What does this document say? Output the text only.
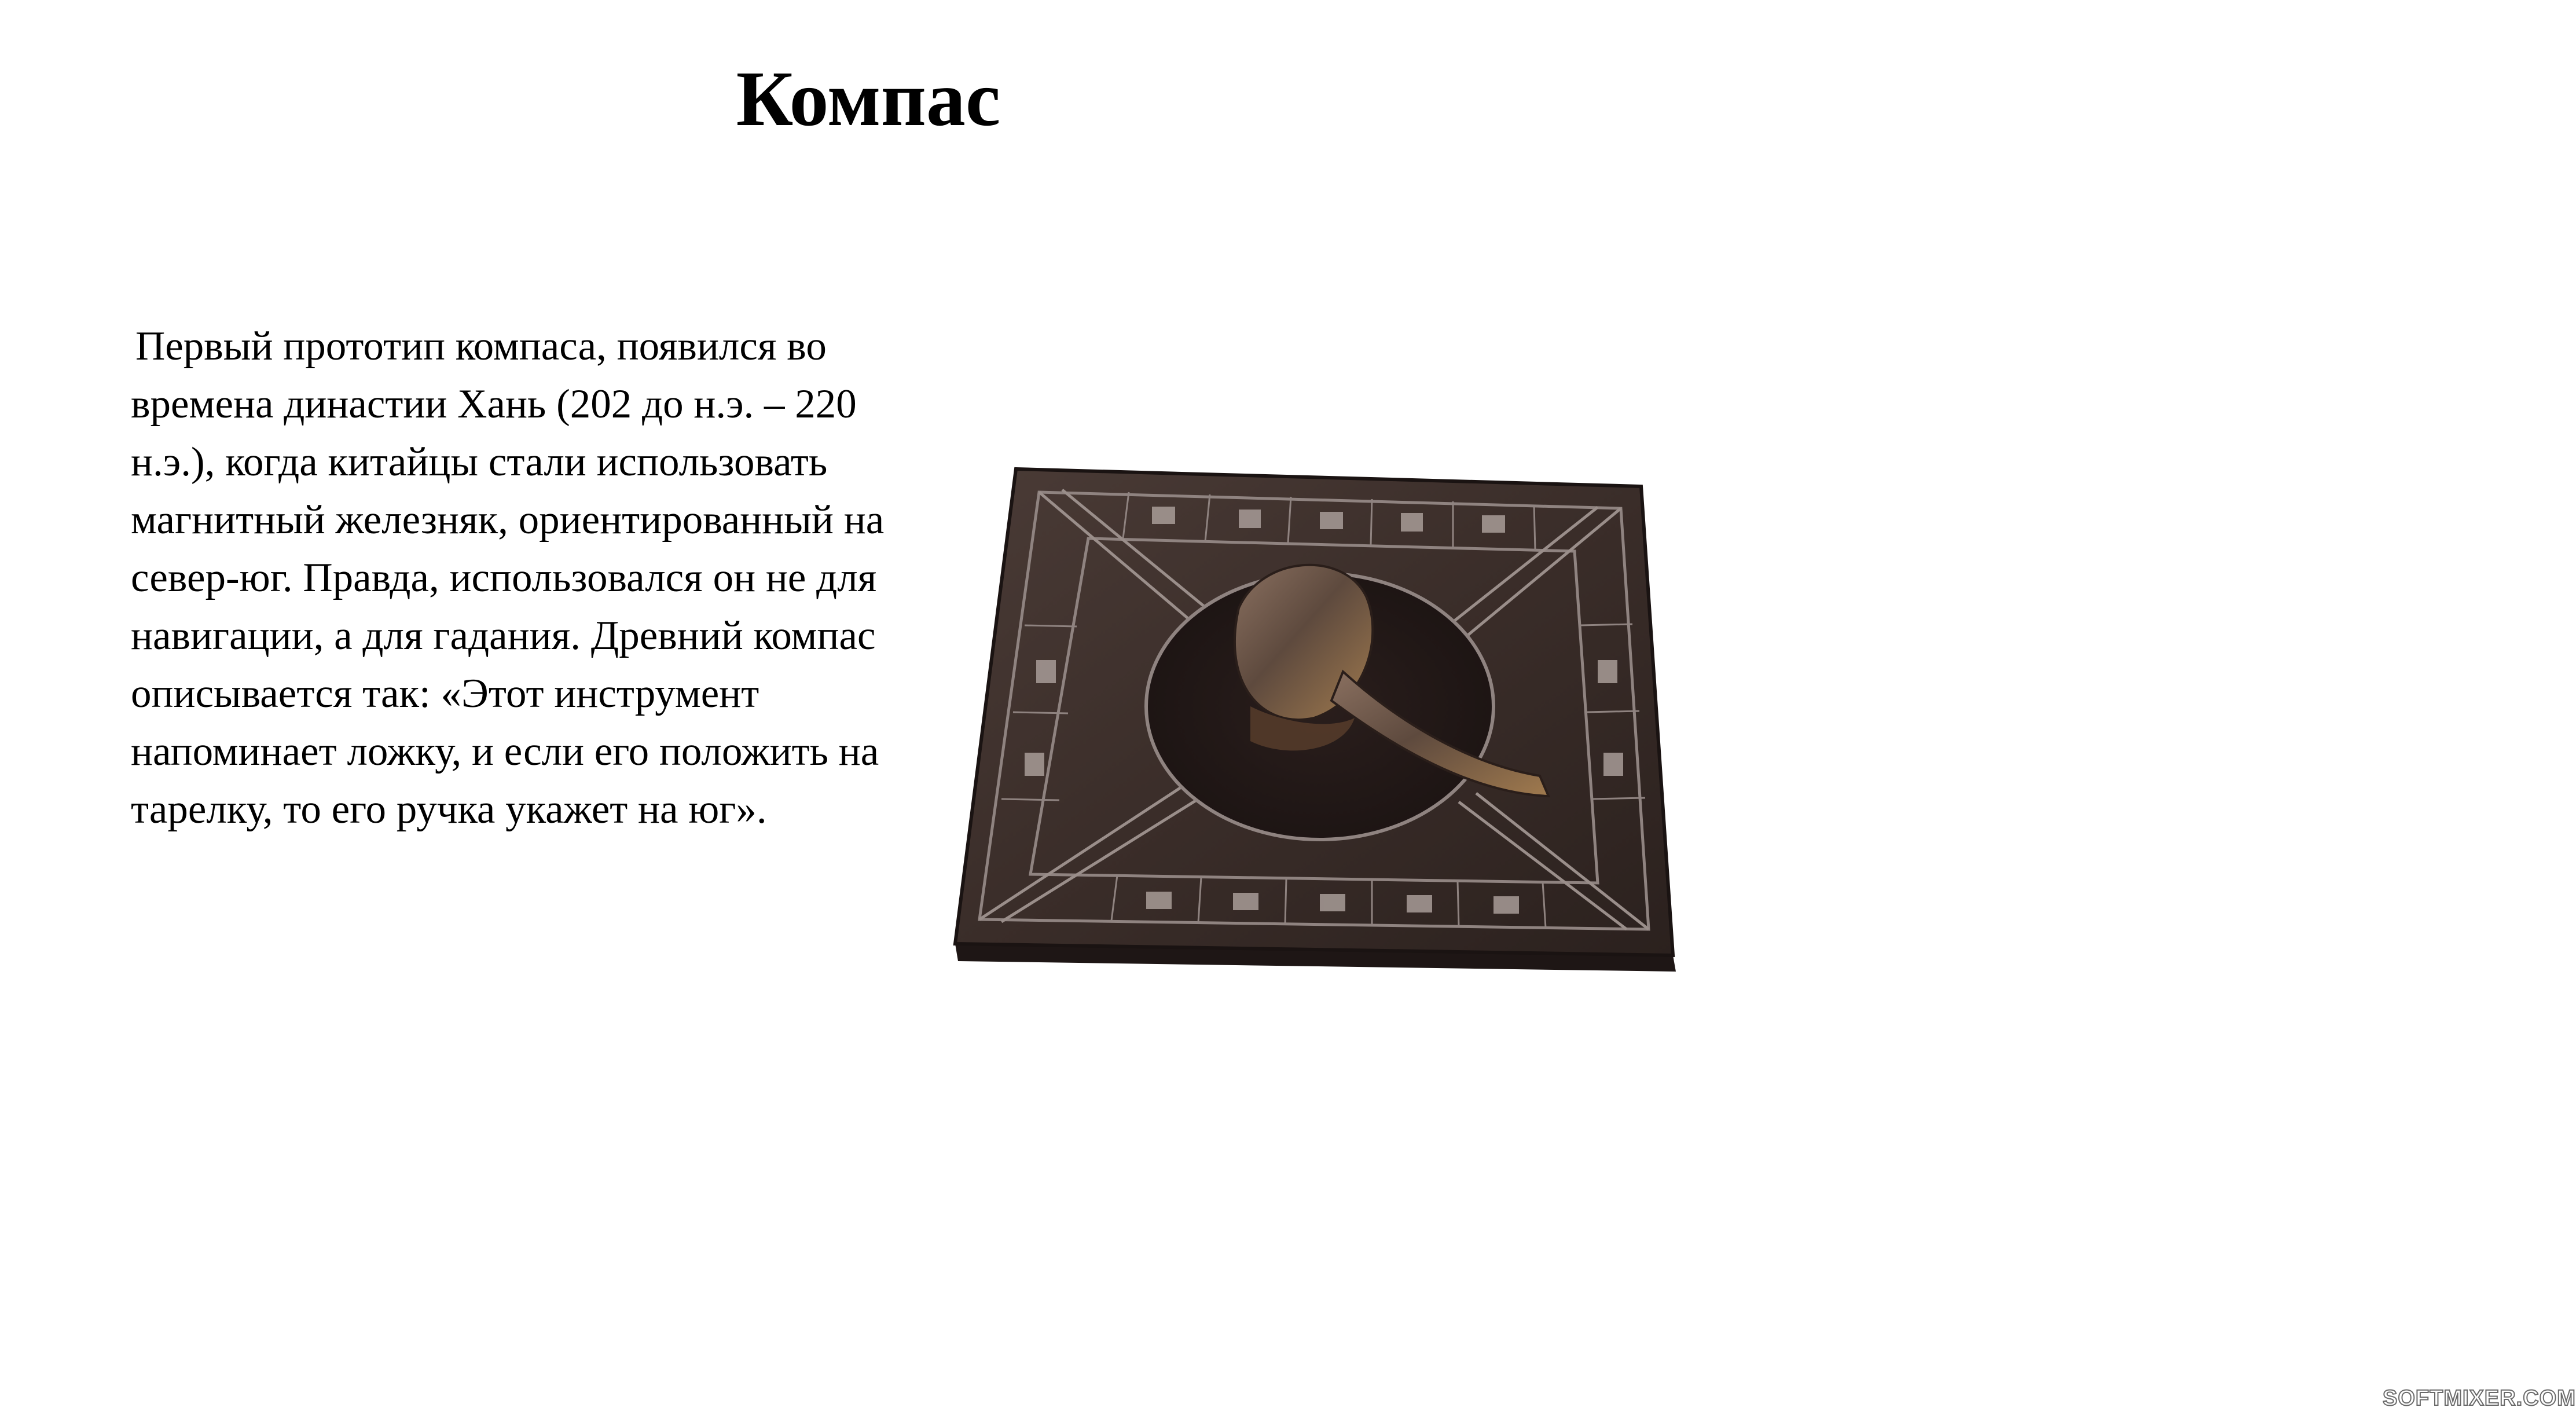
Компас
Первый прототип компаса, появился во времена династии Хань (202 до н.э. – 220 н.э.), когда китайцы стали использовать магнитный железняк, ориентированный на север-юг. Правда, использовался он не для навигации, а для гадания. Древний компас описывается так: «Этот инструмент напоминает ложку, и если его положить на тарелку, то его ручка укажет на юг».
SOFTMIXER.COM
